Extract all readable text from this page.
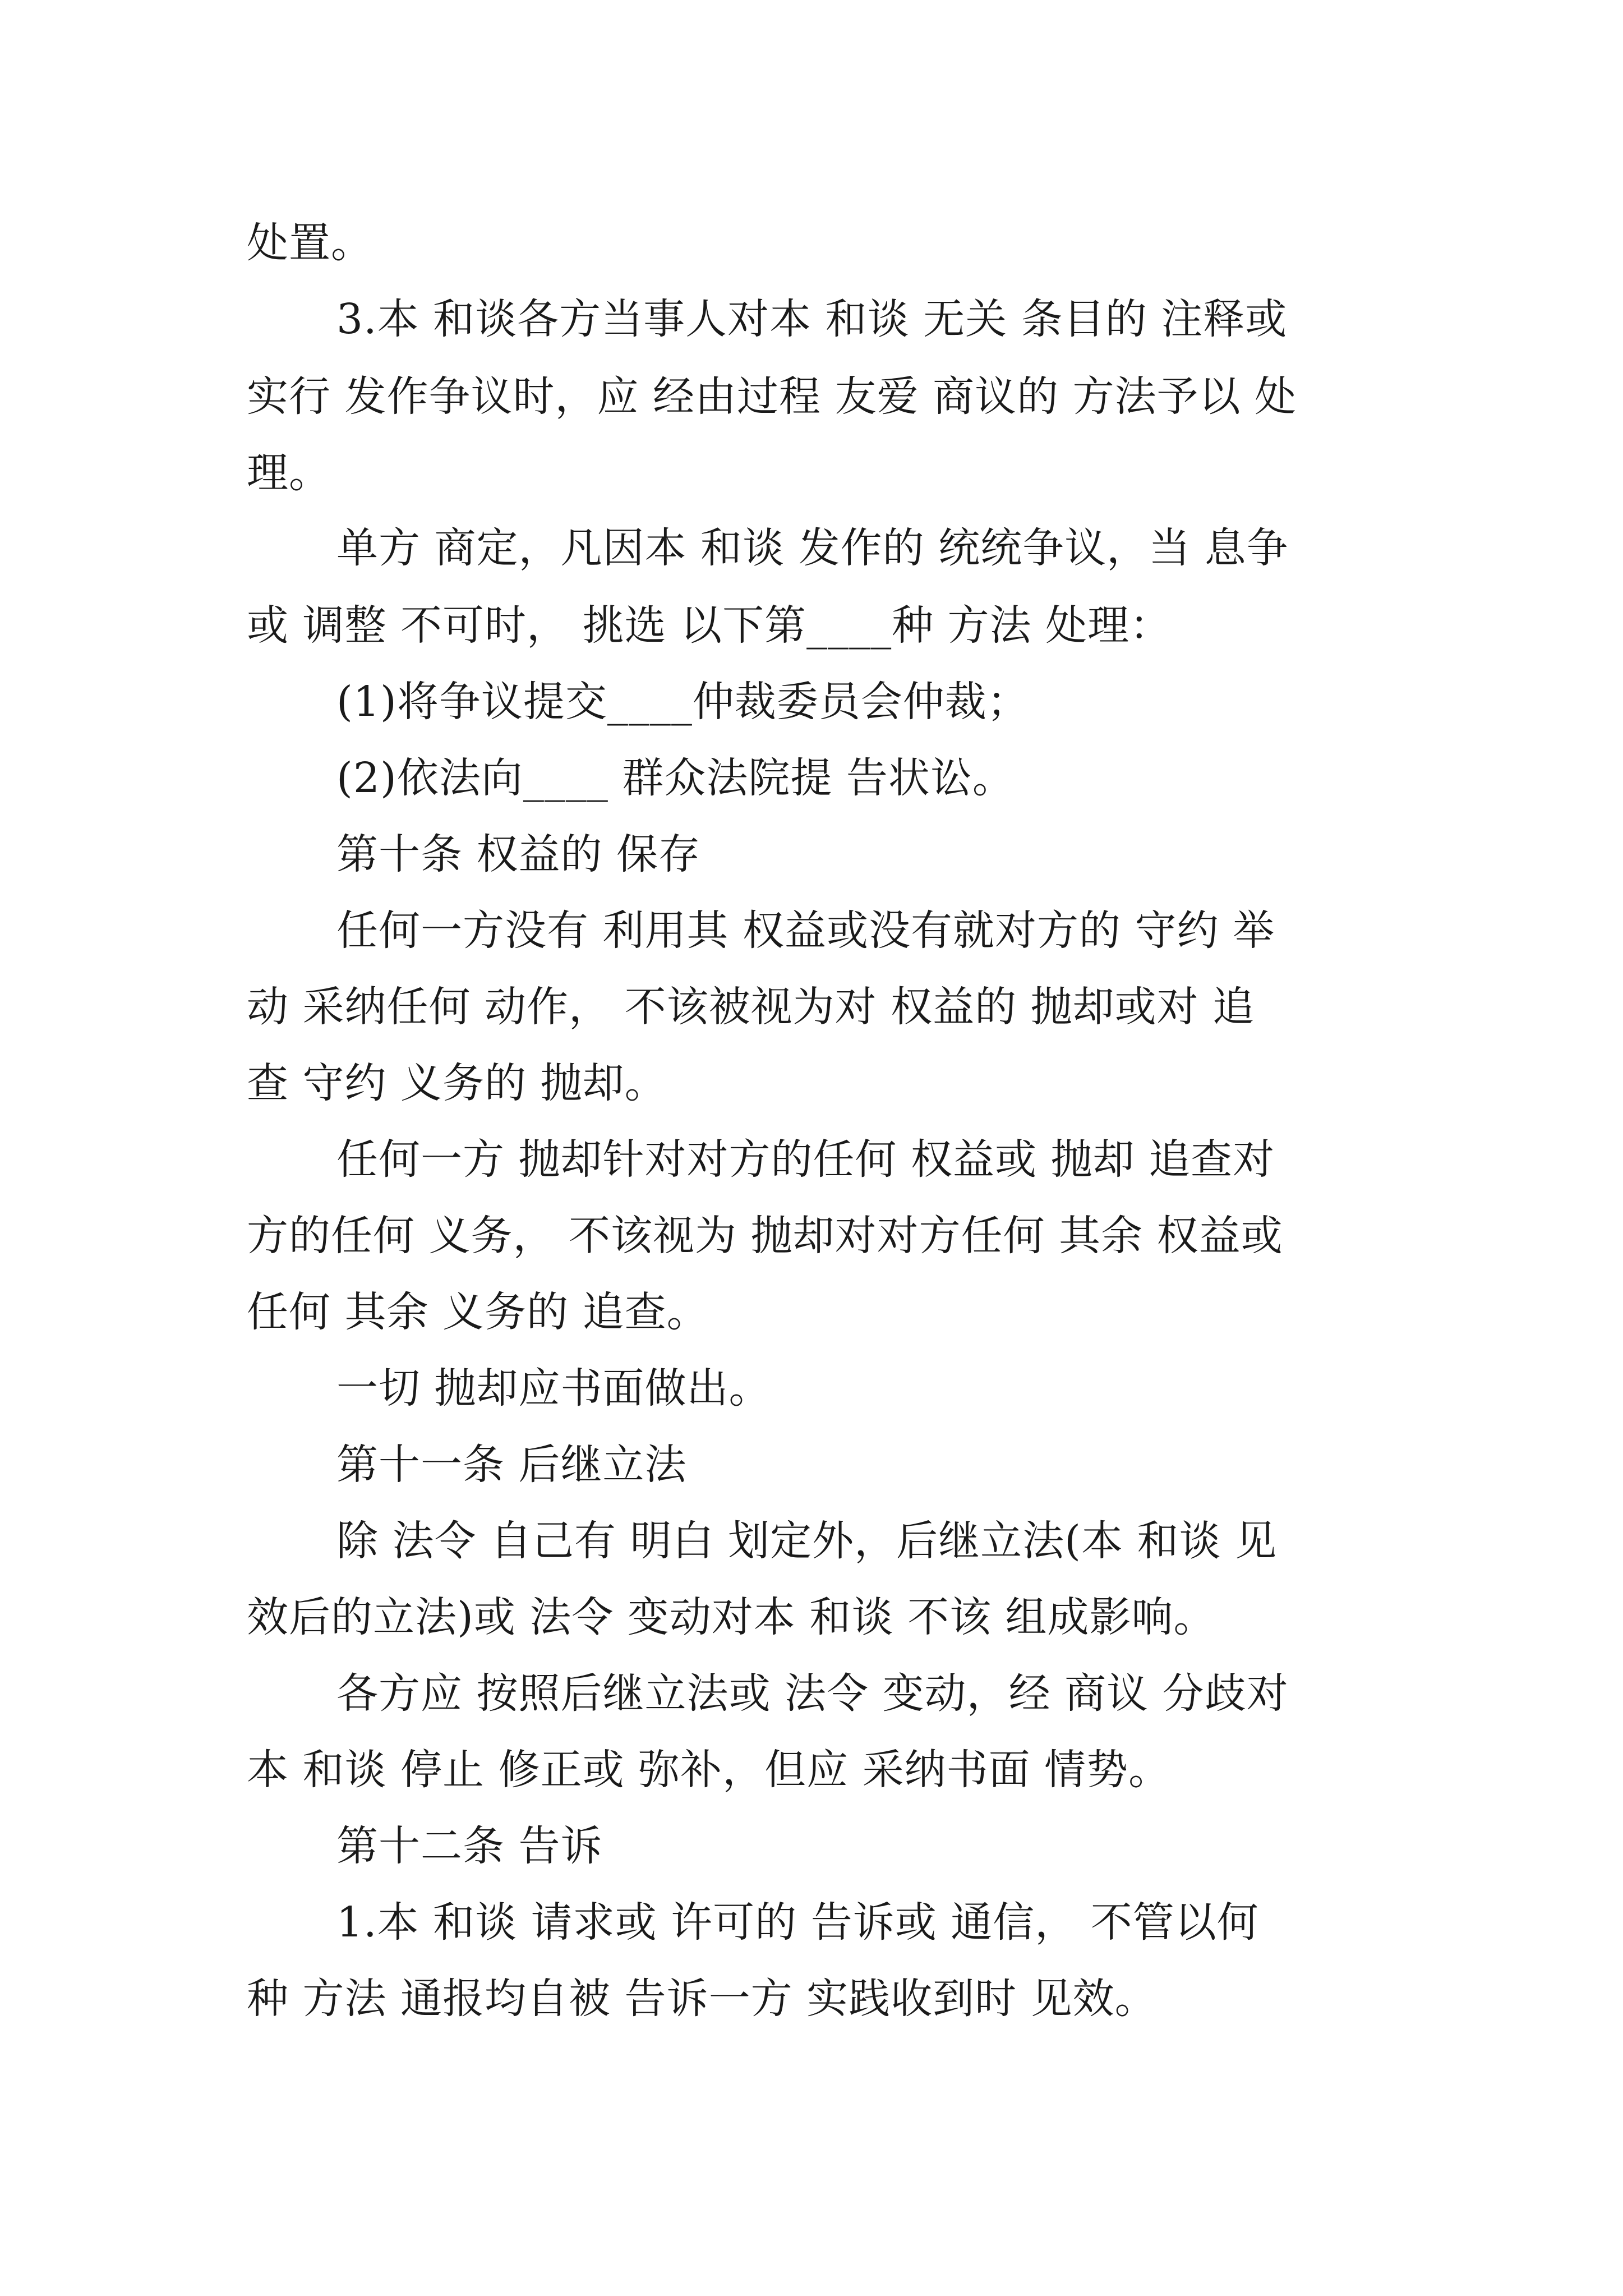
处置。
3.本 和谈各方当事人对本 和谈 无关 条目的 注释或
实行 发作争议时，应 经由过程 友爱 商议的 方法予以 处
理。
单方 商定，凡因本 和谈 发作的 统统争议，当 息争
或 调整 不可时， 挑选 以下第____种 方法 处理：
(1)将争议提交____仲裁委员会仲裁；
(2)依法向____ 群众法院提 告状讼。
第十条 权益的 保存
任何一方没有 利用其 权益或没有就对方的 守约 举
动 采纳任何 动作， 不该被视为对 权益的 抛却或对 追
查 守约 义务的 抛却。
任何一方 抛却针对对方的任何 权益或 抛却 追查对
方的任何 义务， 不该视为 抛却对对方任何 其余 权益或
任何 其余 义务的 追查。
一切 抛却应书面做出。
第十一条 后继立法
除 法令 自己有 明白 划定外，后继立法(本 和谈 见
效后的立法)或 法令 变动对本 和谈 不该 组成影响。
各方应 按照后继立法或 法令 变动，经 商议 分歧对
本 和谈 停止 修正或 弥补，但应 采纳书面 情势。
第十二条 告诉
1.本 和谈 请求或 许可的 告诉或 通信， 不管以何
种 方法 通报均自被 告诉一方 实践收到时 见效。
